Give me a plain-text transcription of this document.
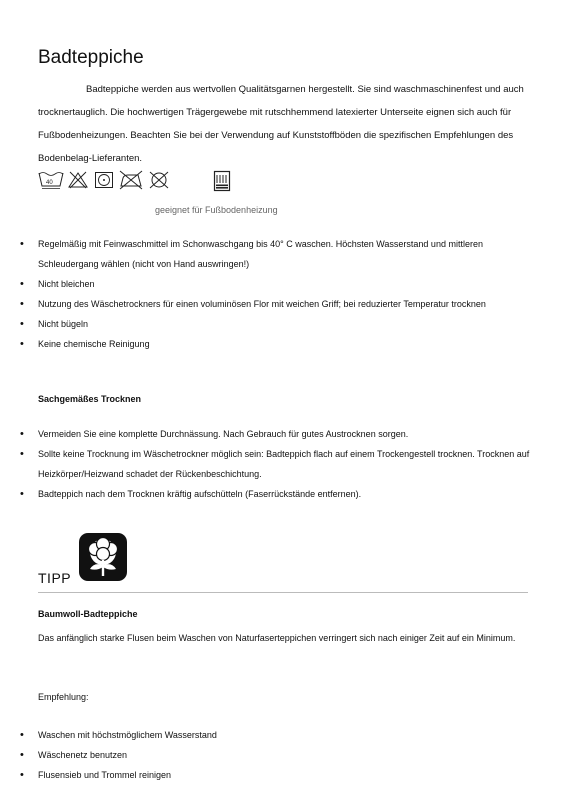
Badteppiche
Badteppiche werden aus wertvollen Qualitätsgarnen hergestellt. Sie sind waschmaschinenfest und auch trocknertauglich. Die hochwertigen Trägergewebe mit rutschhemmend latexierter Unterseite eignen sich auch für Fußbodenheizungen. Beachten Sie bei der Verwendung auf Kunststoffböden die spezifischen Empfehlungen des Bodenbelag-Lieferanten.
40
geeignet für Fußbodenheizung
• Regelmäßig mit Feinwaschmittel im Schonwaschgang bis 40° C waschen. Höchsten Wasserstand und mittleren Schleudergang wählen (nicht von Hand auswringen!)
• Nicht bleichen
• Nutzung des Wäschetrockners für einen voluminösen Flor mit weichen Griff; bei reduzierter Temperatur trocknen
• Nicht bügeln
• Keine chemische Reinigung
Sachgemäßes Trocknen
• Vermeiden Sie eine komplette Durchnässung. Nach Gebrauch für gutes Austrocknen sorgen.
• Sollte keine Trocknung im Wäschetrockner möglich sein: Badteppich flach auf einem Trockengestell trocknen. Trocknen auf Heizkörper/Heizwand schadet der Rückenbeschichtung.
• Badteppich nach dem Trocknen kräftig aufschütteln (Faserrückstände entfernen).
TIPP
Baumwoll-Badteppiche
Das anfänglich starke Flusen beim Waschen von Naturfaserteppichen verringert sich nach einiger Zeit auf ein Minimum.
Empfehlung:
• Waschen mit höchstmöglichem Wasserstand
• Wäschenetz benutzen
• Flusensieb und Trommel reinigen
